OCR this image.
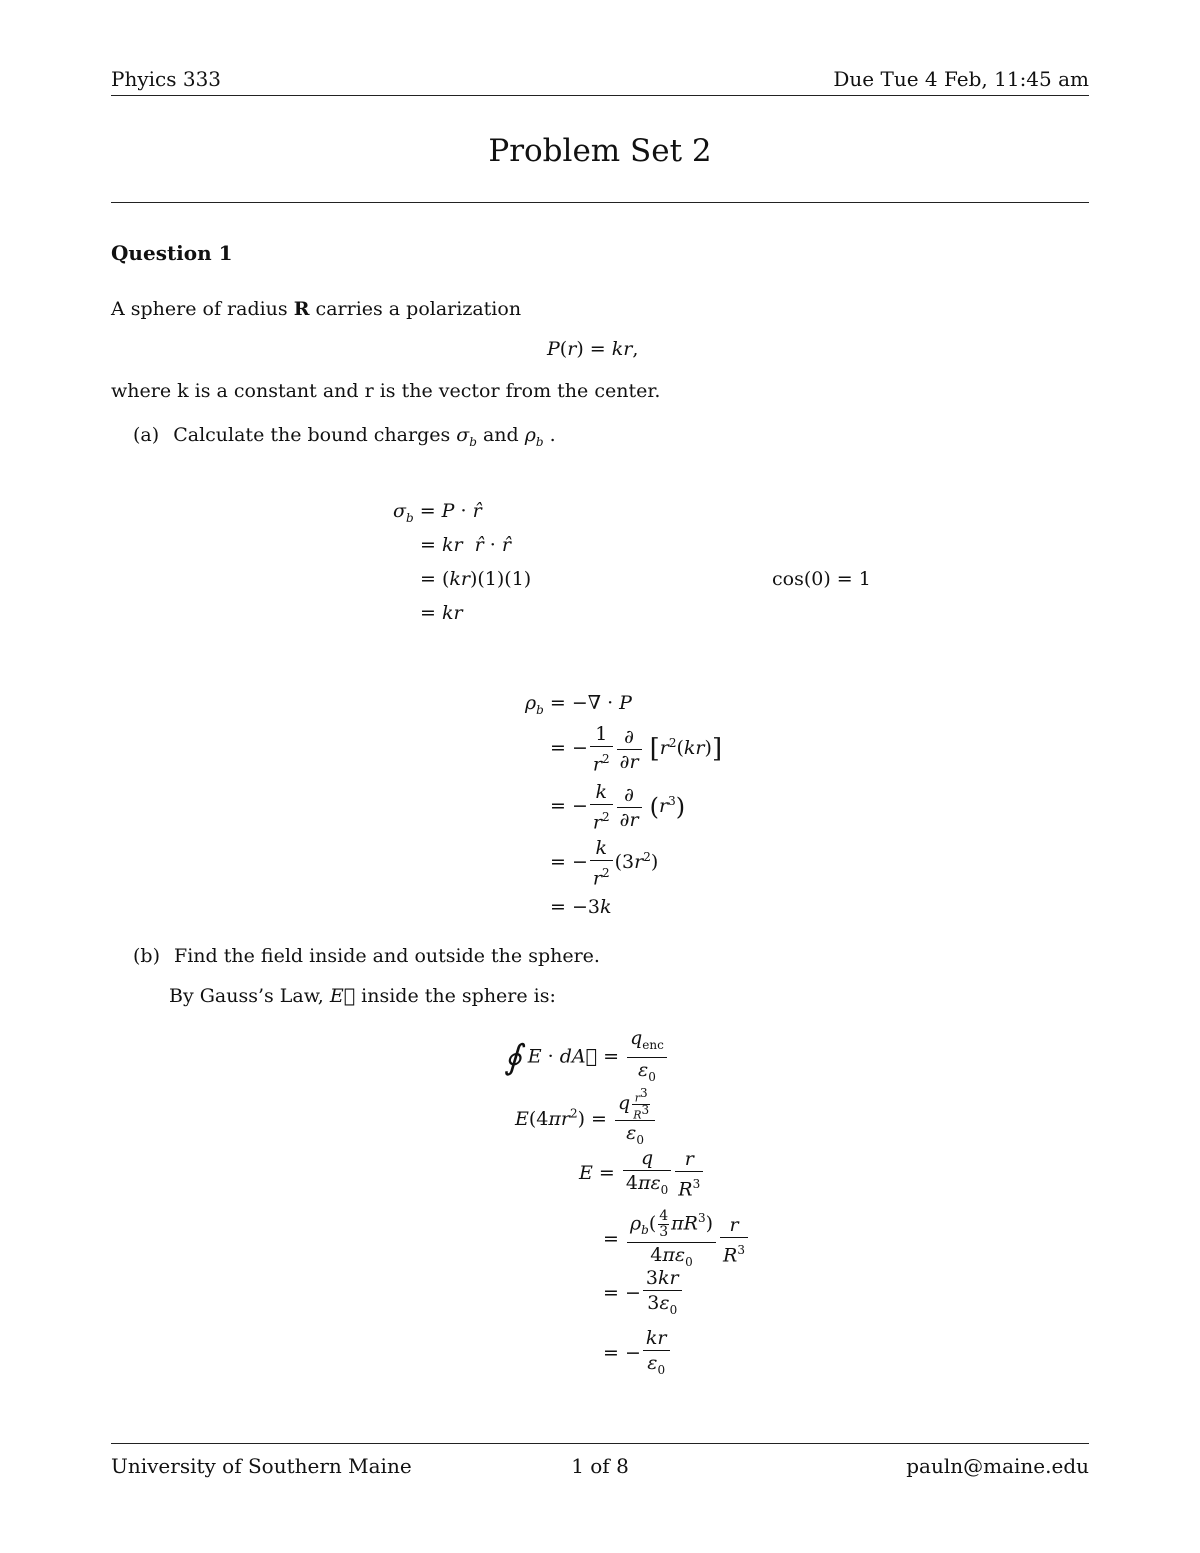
Phyics 333	Due Tue 4 Feb, 11:45 am
Problem Set 2
Question 1
A sphere of radius R carries a polarization
P(r) = kr,
where k is a constant and r is the vector from the center.
(a) Calculate the bound charges $\sigma_b$ and $\rho_b$ .
$\sigma_b = P$ · r̂
= kr r̂ · r̂
= (kr)(1)(1)	cos(0) = 1
= kr
$\rho_b$ = −∇ · P
= − $\frac{1}{r^2} \frac{\partial}{\partial r} [r^2(kr)]$
= − $\frac{k}{r^2} \frac{\partial}{\partial r} (r^3)$
= − $\frac{k}{r^2} (3r^2)$
= −3k
(b) Find the field inside and outside the sphere.
By Gauss’s Law, E⃗ inside the sphere is:
∮ E · dA⃗ = $\frac{q_{enc}}{\varepsilon_0}$
$E(4\pi r^2) = \frac{q \frac{r^3}{R^3}}{\varepsilon_0}$
$E = \frac{q}{4\pi\varepsilon_0} \frac{r}{R^3}$
= $\frac{\rho_b( \frac{4}{3} \pi R^3)}{4\pi\varepsilon_0} \frac{r}{R^3}$
= − $\frac{3kr}{3\varepsilon_0}$
= − $\frac{kr}{\varepsilon_0}$
University of Southern Maine	1 of 8	pauln@maine.edu
